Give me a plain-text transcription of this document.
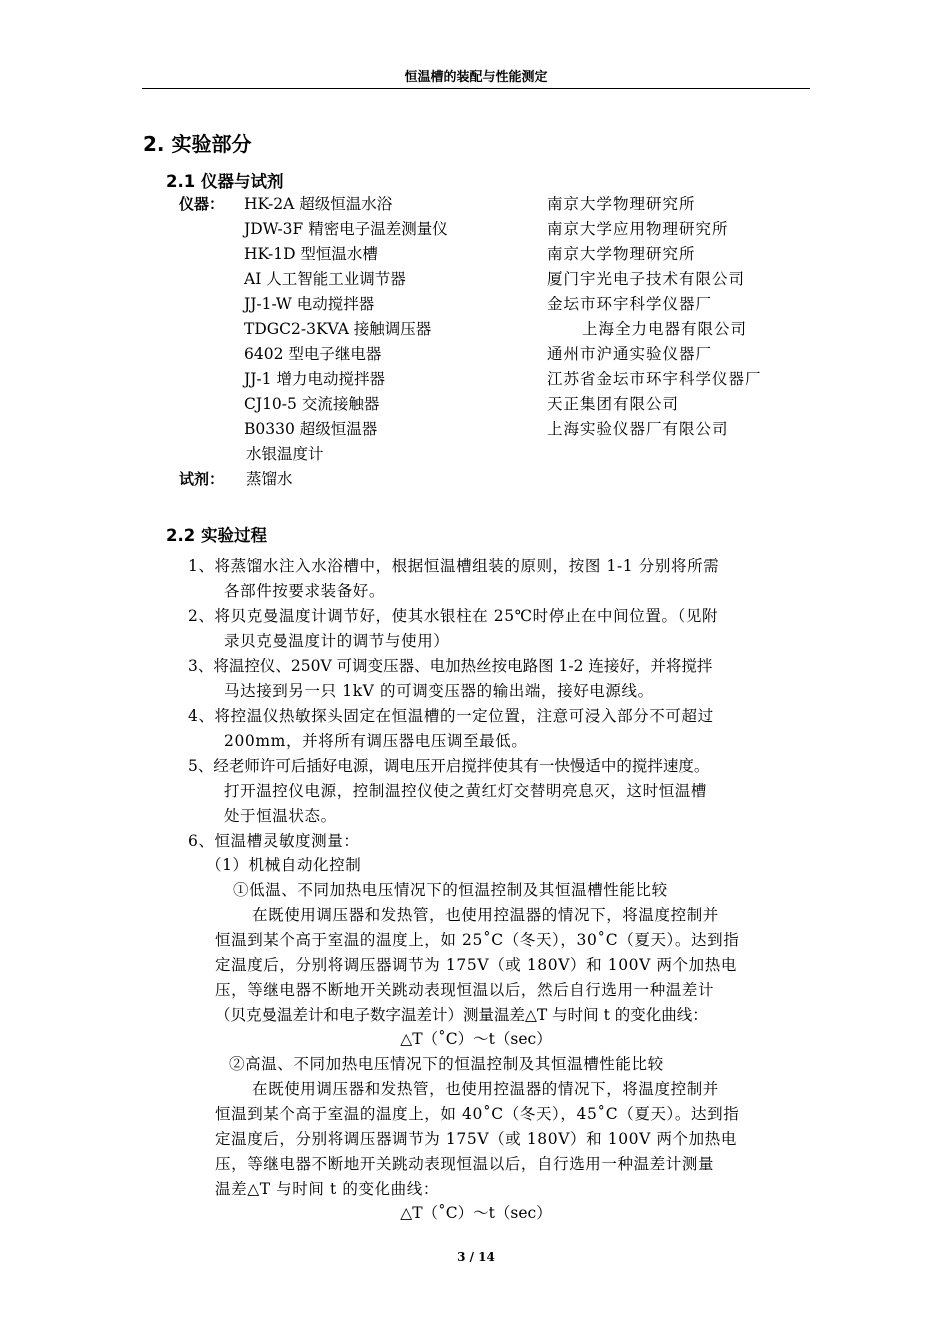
恒温槽的装配与性能测定
2. 实验部分
2.1 仪器与试剂
仪器： HK-2A 超级恒温水浴	南京大学物理研究所
JDW-3F 精密电子温差测量仪	南京大学应用物理研究所
HK-1D 型恒温水槽	南京大学物理研究所
AI 人工智能工业调节器	厦门宇光电子技术有限公司
JJ-1-W 电动搅拌器	金坛市环宇科学仪器厂
TDGC2-3KVA 接触调压器	上海全力电器有限公司
6402 型电子继电器	通州市沪通实验仪器厂
JJ-1 增力电动搅拌器	江苏省金坛市环宇科学仪器厂
CJ10-5 交流接触器	天正集团有限公司
B0330 超级恒温器	上海实验仪器厂有限公司
水银温度计
试剂： 蒸馏水
2.2 实验过程
1、将蒸馏水注入水浴槽中，根据恒温槽组装的原则，按图 1-1 分别将所需
各部件按要求装备好。
2、将贝克曼温度计调节好，使其水银柱在 25℃时停止在中间位置。（见附
录贝克曼温度计的调节与使用）
3、将温控仪、250V 可调变压器、电加热丝按电路图 1-2 连接好，并将搅拌
马达接到另一只 1kV 的可调变压器的输出端，接好电源线。
4、将控温仪热敏探头固定在恒温槽的一定位置，注意可浸入部分不可超过
200mm，并将所有调压器电压调至最低。
5、经老师许可后插好电源，调电压开启搅拌使其有一快慢适中的搅拌速度。
打开温控仪电源，控制温控仪使之黄红灯交替明亮息灭，这时恒温槽
处于恒温状态。
6、恒温槽灵敏度测量：
（1）机械自动化控制
①低温、不同加热电压情况下的恒温控制及其恒温槽性能比较
在既使用调压器和发热管，也使用控温器的情况下，将温度控制并
恒温到某个高于室温的温度上，如 25˚C（冬天），30˚C（夏天）。达到指
定温度后，分别将调压器调节为 175V（或 180V）和 100V 两个加热电
压，等继电器不断地开关跳动表现恒温以后，然后自行选用一种温差计
（贝克曼温差计和电子数字温差计）测量温差△T 与时间 t 的变化曲线：
△T（˚C）～t（sec）
②高温、不同加热电压情况下的恒温控制及其恒温槽性能比较
在既使用调压器和发热管，也使用控温器的情况下，将温度控制并
恒温到某个高于室温的温度上，如 40˚C（冬天），45˚C（夏天）。达到指
定温度后，分别将调压器调节为 175V（或 180V）和 100V 两个加热电
压，等继电器不断地开关跳动表现恒温以后，自行选用一种温差计测量
温差△T 与时间 t 的变化曲线：
△T（˚C）～t（sec）
3 / 14
